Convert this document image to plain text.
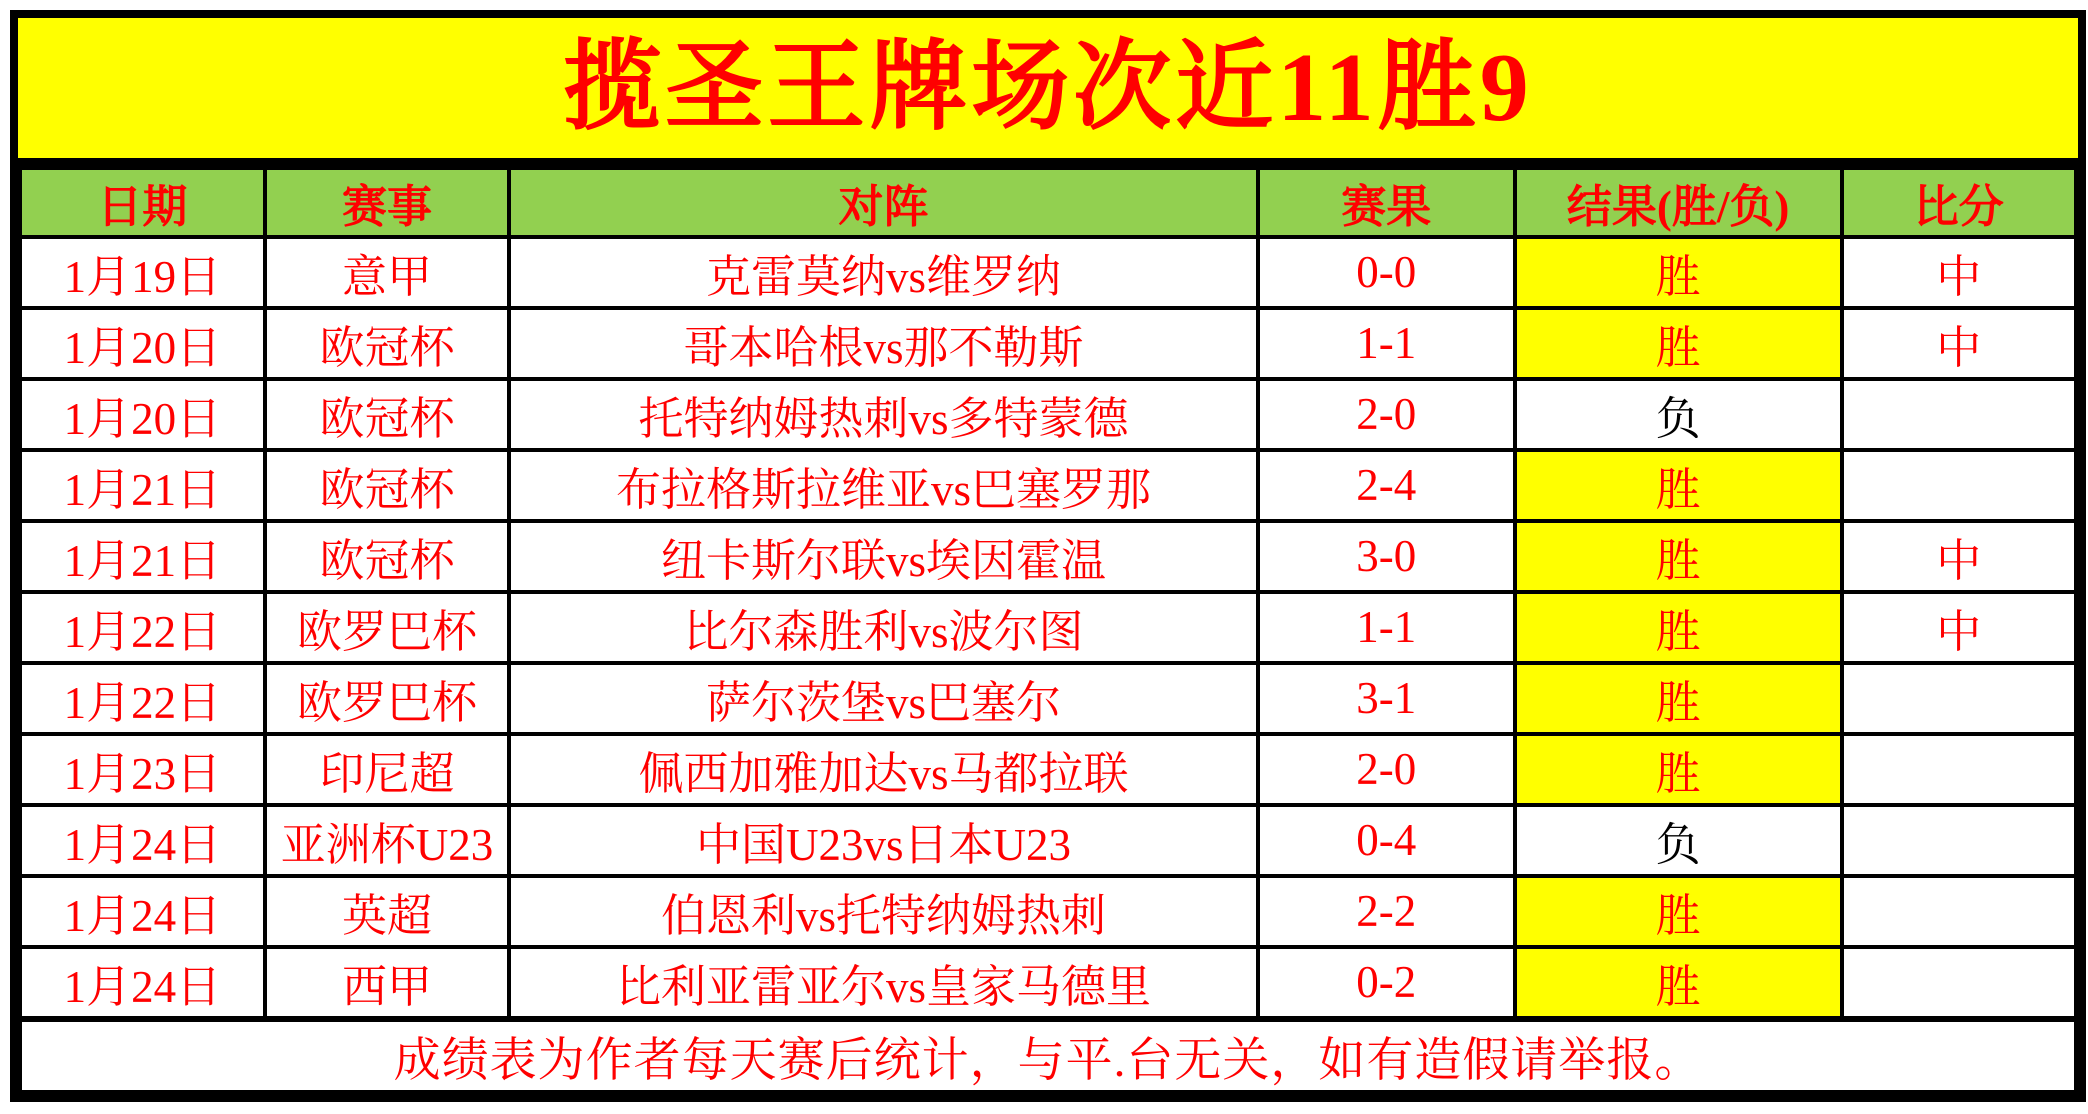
揽圣王牌场次近11胜9
日期	赛事	对阵	赛果	结果(胜/负)	比分
1月19日	意甲	克雷莫纳vs维罗纳	0-0	胜	中
1月20日	欧冠杯	哥本哈根vs那不勒斯	1-1	胜	中
1月20日	欧冠杯	托特纳姆热刺vs多特蒙德	2-0	负	
1月21日	欧冠杯	布拉格斯拉维亚vs巴塞罗那	2-4	胜	
1月21日	欧冠杯	纽卡斯尔联vs埃因霍温	3-0	胜	中
1月22日	欧罗巴杯	比尔森胜利vs波尔图	1-1	胜	中
1月22日	欧罗巴杯	萨尔茨堡vs巴塞尔	3-1	胜	
1月23日	印尼超	佩西加雅加达vs马都拉联	2-0	胜	
1月24日	亚洲杯U23	中国U23vs日本U23	0-4	负	
1月24日	英超	伯恩利vs托特纳姆热刺	2-2	胜	
1月24日	西甲	比利亚雷亚尔vs皇家马德里	0-2	胜	
成绩表为作者每天赛后统计，与平.台无关，如有造假请举报。					
